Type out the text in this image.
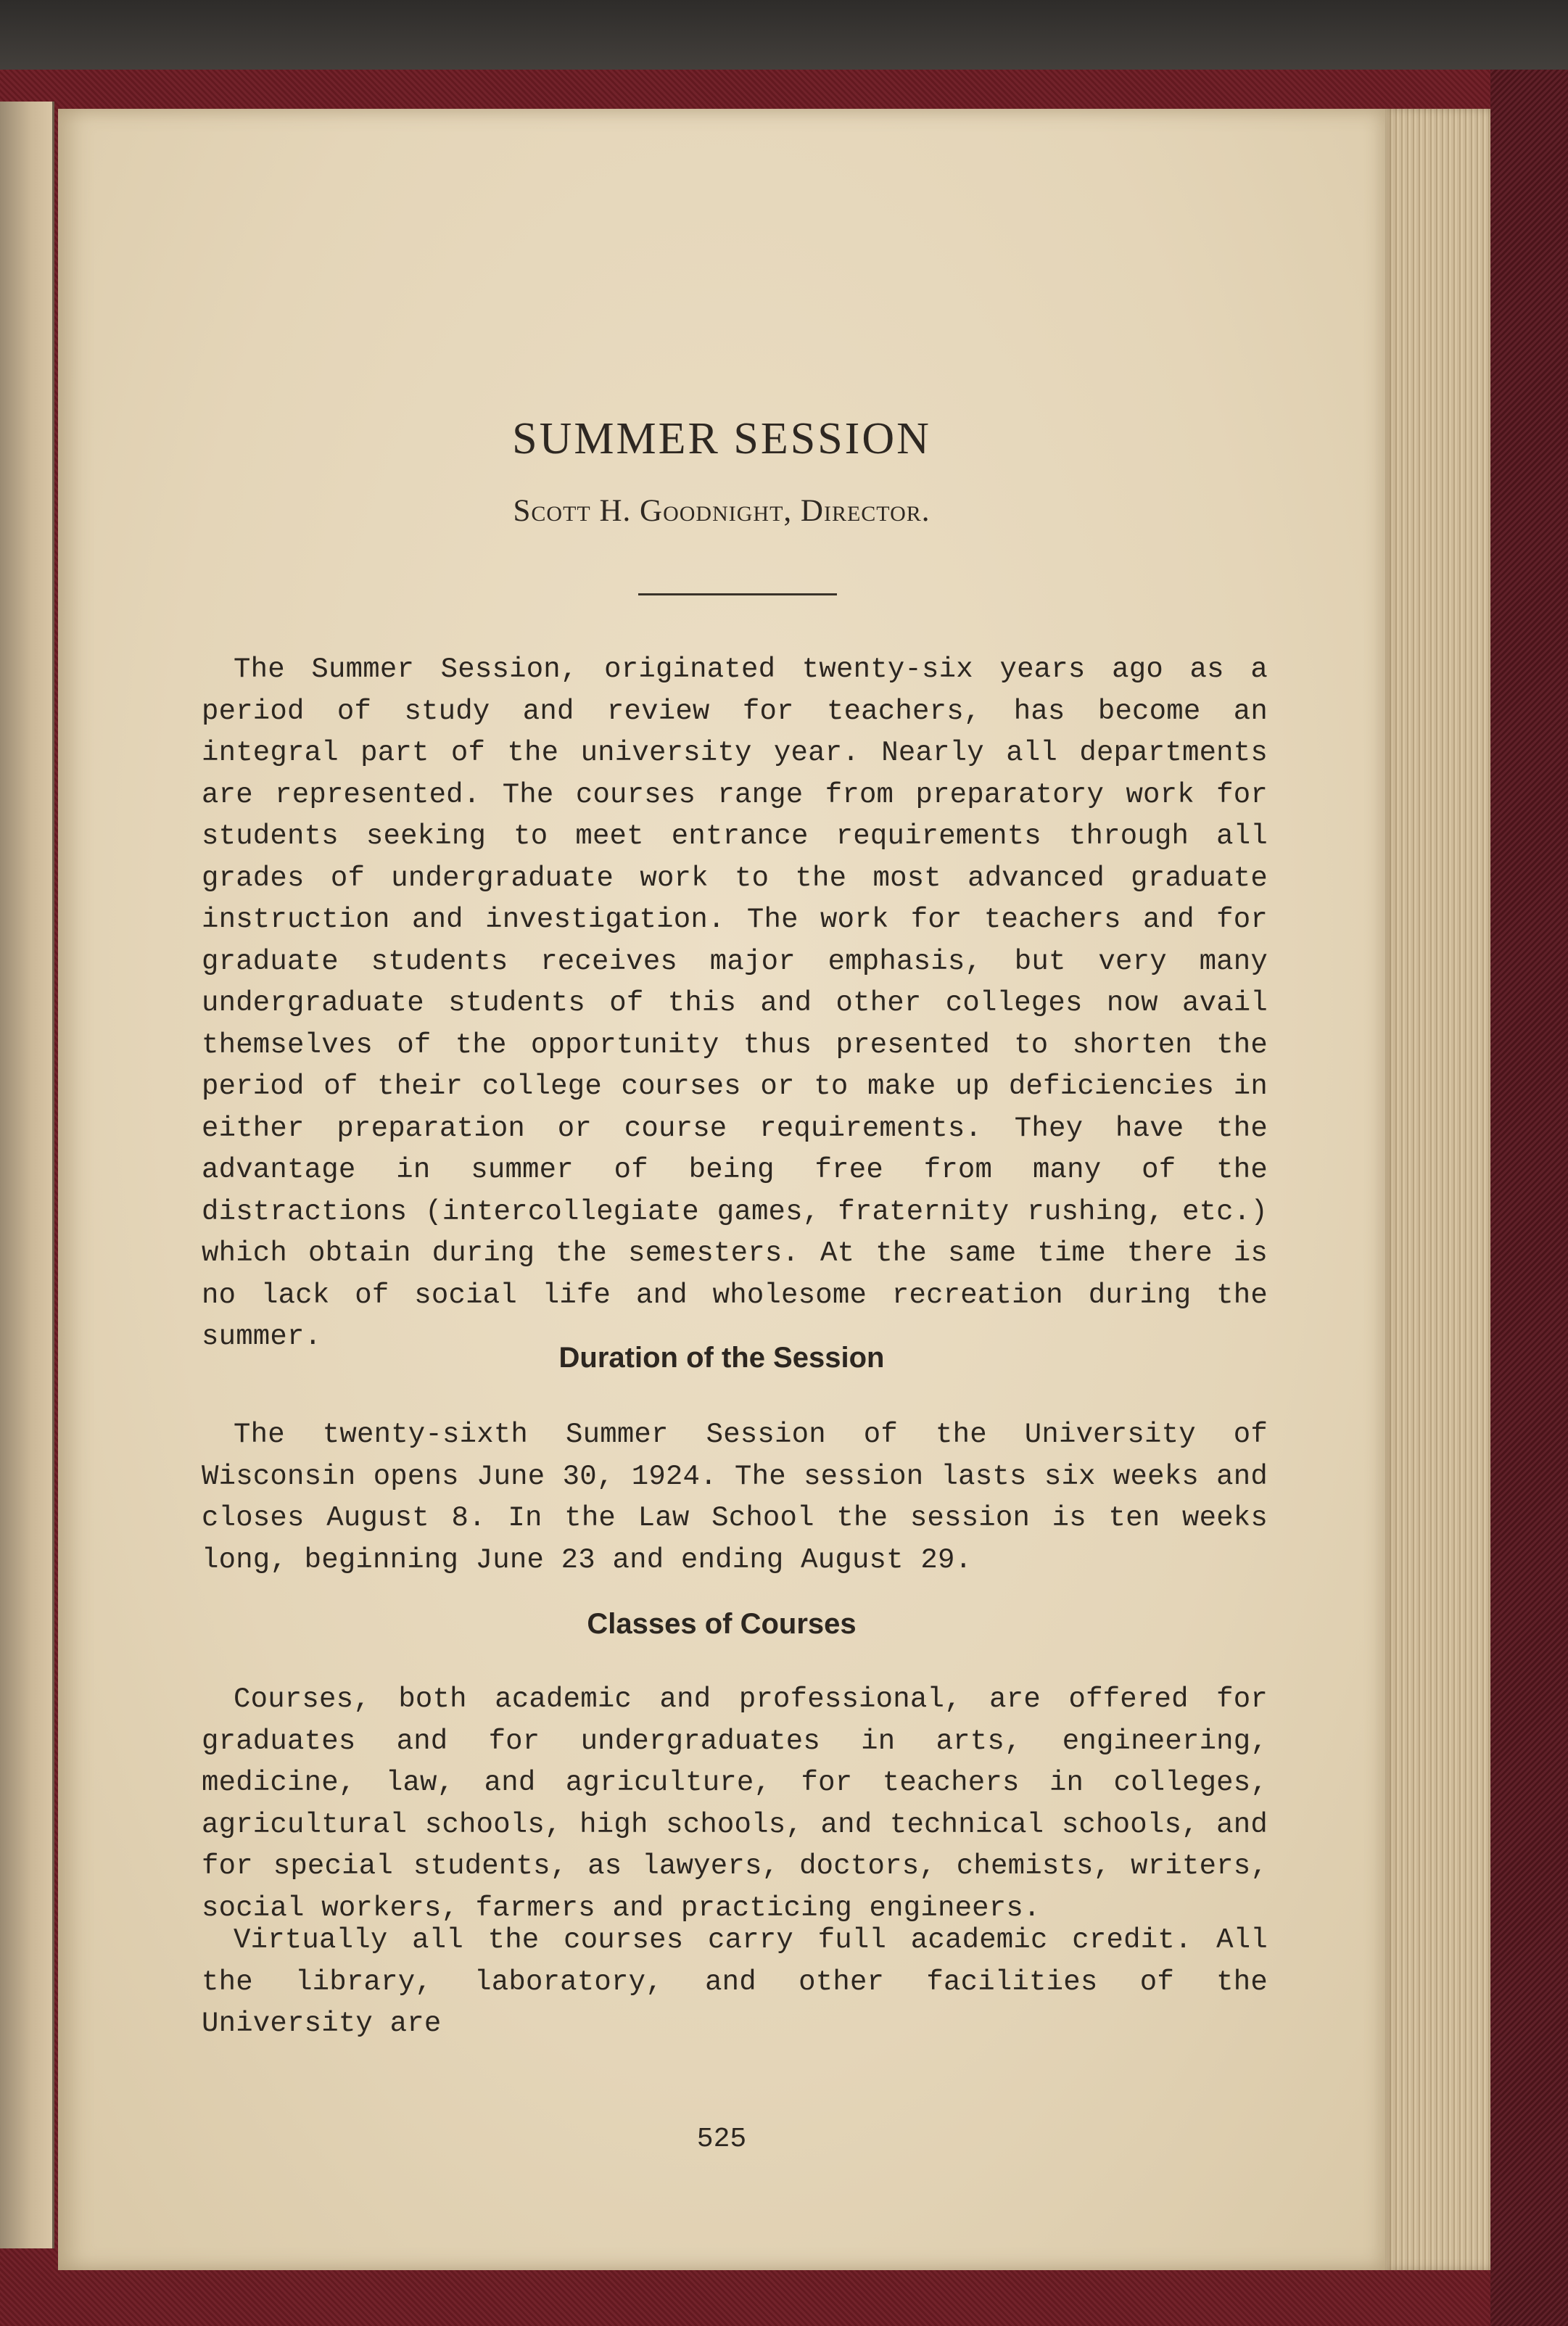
SUMMER SESSION

Scott H. Goodnight, Director.

The Summer Session, originated twenty-six years ago as a period of study and review for teachers, has become an integral part of the university year. Nearly all departments are represented. The courses range from preparatory work for students seeking to meet entrance requirements through all grades of undergraduate work to the most advanced graduate instruction and investigation. The work for teachers and for graduate students receives major emphasis, but very many undergraduate students of this and other colleges now avail themselves of the opportunity thus presented to shorten the period of their college courses or to make up deficiencies in either preparation or course requirements. They have the advantage in summer of being free from many of the distractions (intercollegiate games, fraternity rushing, etc.) which obtain during the semesters. At the same time there is no lack of social life and wholesome recreation during the summer.

Duration of the Session

The twenty-sixth Summer Session of the University of Wisconsin opens June 30, 1924. The session lasts six weeks and closes August 8. In the Law School the session is ten weeks long, beginning June 23 and ending August 29.

Classes of Courses

Courses, both academic and professional, are offered for graduates and for undergraduates in arts, engineering, medicine, law, and agriculture, for teachers in colleges, agricultural schools, high schools, and technical schools, and for special students, as lawyers, doctors, chemists, writers, social workers, farmers and practicing engineers.

Virtually all the courses carry full academic credit. All the library, laboratory, and other facilities of the University are

525
